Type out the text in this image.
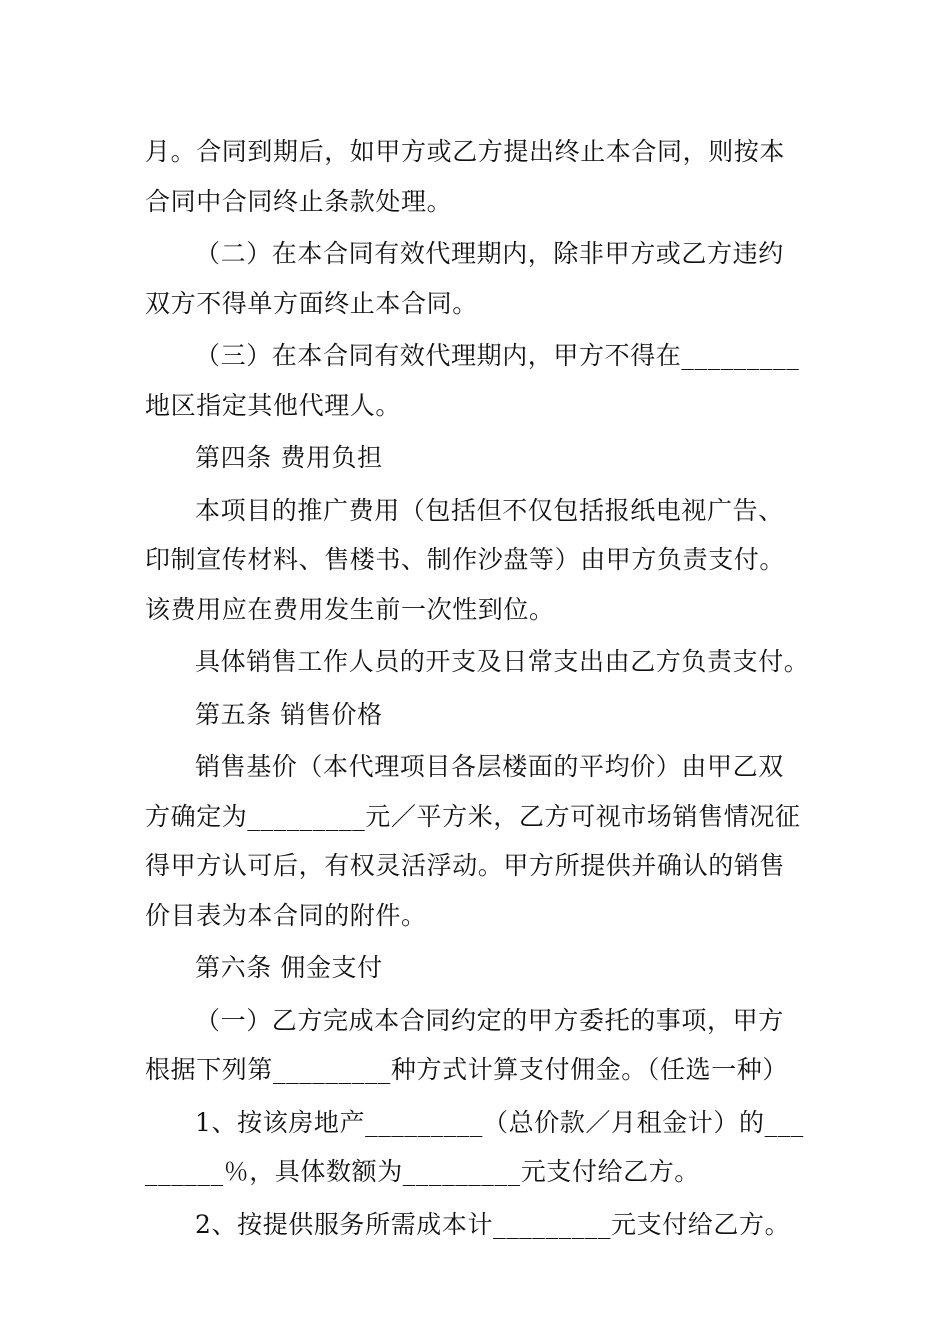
月。合同到期后，如甲方或乙方提出终止本合同，则按本
合同中合同终止条款处理。
（二）在本合同有效代理期内，除非甲方或乙方违约
双方不得单方面终止本合同。
（三）在本合同有效代理期内，甲方不得在_________
地区指定其他代理人。
第四条 费用负担
本项目的推广费用（包括但不仅包括报纸电视广告、
印制宣传材料、售楼书、制作沙盘等）由甲方负责支付。
该费用应在费用发生前一次性到位。
具体销售工作人员的开支及日常支出由乙方负责支付。
第五条 销售价格
销售基价（本代理项目各层楼面的平均价）由甲乙双
方确定为_________元／平方米，乙方可视市场销售情况征
得甲方认可后，有权灵活浮动。甲方所提供并确认的销售
价目表为本合同的附件。
第六条 佣金支付
（一）乙方完成本合同约定的甲方委托的事项，甲方
根据下列第_________种方式计算支付佣金。（任选一种）
1、按该房地产_________（总价款／月租金计）的___
______％，具体数额为_________元支付给乙方。
2、按提供服务所需成本计_________元支付给乙方。
